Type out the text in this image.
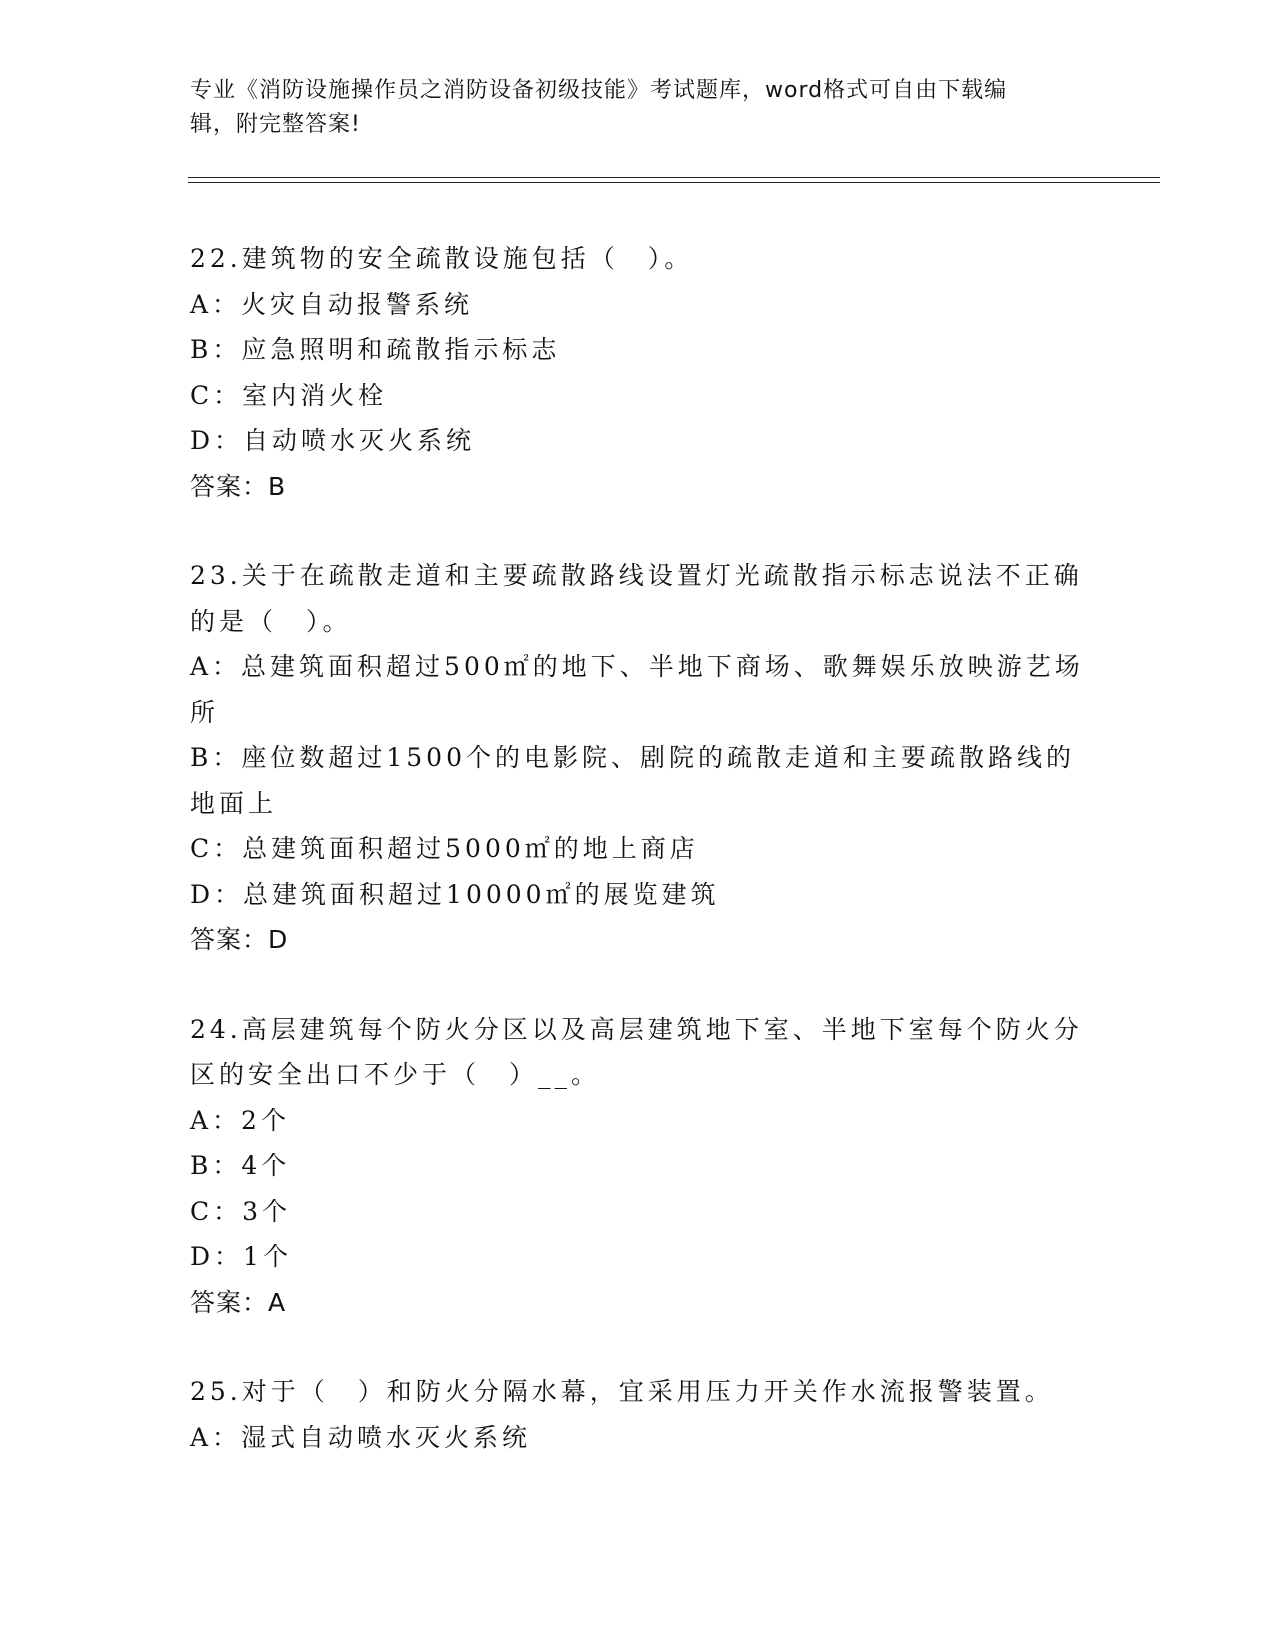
专业《消防设施操作员之消防设备初级技能》考试题库，word格式可自由下载编
辑，附完整答案!
22.建筑物的安全疏散设施包括（　）。
A：火灾自动报警系统
B：应急照明和疏散指示标志
C：室内消火栓
D：自动喷水灭火系统
答案：B
23.关于在疏散走道和主要疏散路线设置灯光疏散指示标志说法不正确
的是（　）。
A：总建筑面积超过500㎡的地下、半地下商场、歌舞娱乐放映游艺场
所
B：座位数超过1500个的电影院、剧院的疏散走道和主要疏散路线的
地面上
C：总建筑面积超过5000㎡的地上商店
D：总建筑面积超过10000㎡的展览建筑
答案：D
24.高层建筑每个防火分区以及高层建筑地下室、半地下室每个防火分
区的安全出口不少于（　）__。
A：2个
B：4个
C：3个
D：1个
答案：A
25.对于（　）和防火分隔水幕，宜采用压力开关作水流报警装置。
A：湿式自动喷水灭火系统
